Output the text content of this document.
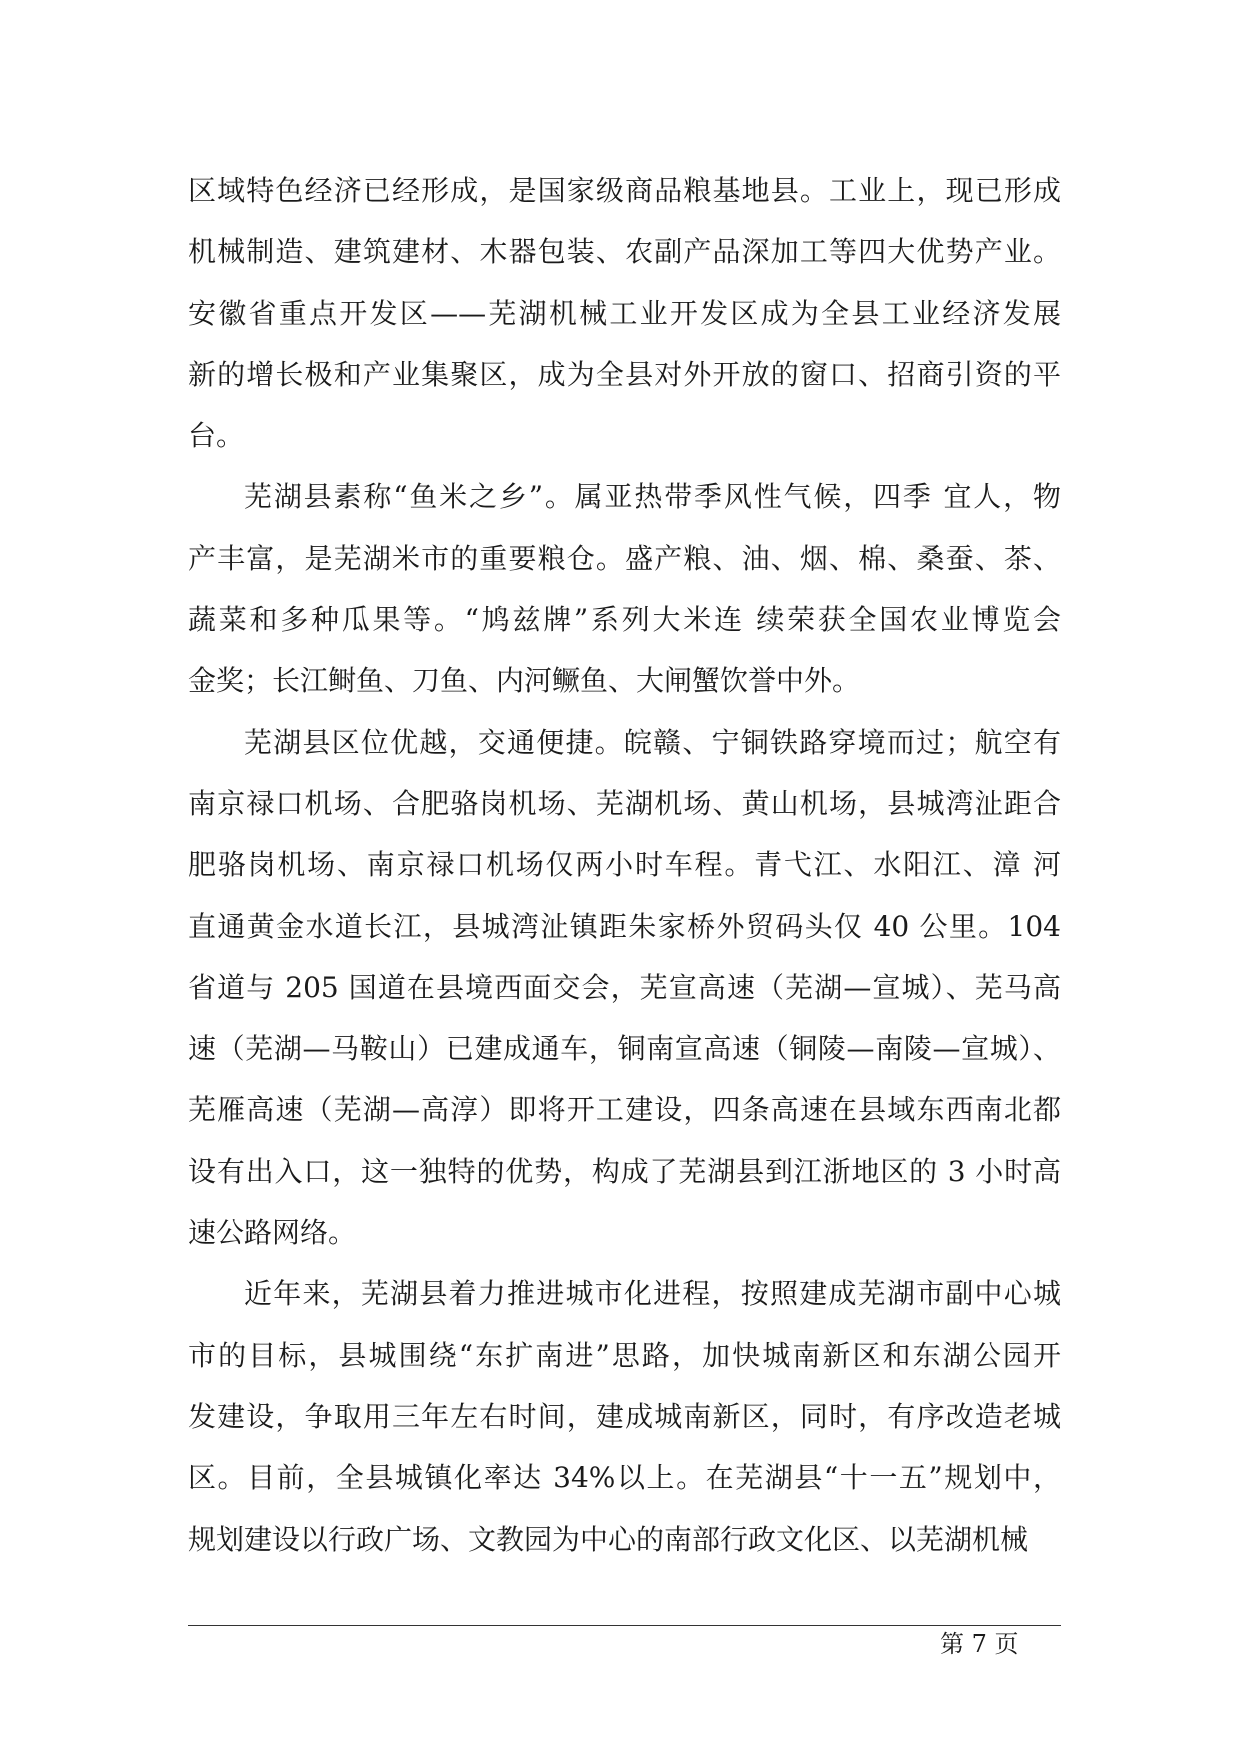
区域特色经济已经形成，是国家级商品粮基地县。工业上，现已形成
机械制造、建筑建材、木器包装、农副产品深加工等四大优势产业。
安徽省重点开发区——芜湖机械工业开发区成为全县工业经济发展
新的增长极和产业集聚区，成为全县对外开放的窗口、招商引资的平
台。
芜湖县素称“鱼米之乡”。属亚热带季风性气候，四季 宜人，物
产丰富，是芜湖米市的重要粮仓。盛产粮、油、烟、棉、桑蚕、茶、
蔬菜和多种瓜果等。“鸠兹牌”系列大米连 续荣获全国农业博览会
金奖；长江鲥鱼、刀鱼、内河鳜鱼、大闸蟹饮誉中外。
芜湖县区位优越，交通便捷。皖赣、宁铜铁路穿境而过；航空有
南京禄口机场、合肥骆岗机场、芜湖机场、黄山机场，县城湾沚距合
肥骆岗机场、南京禄口机场仅两小时车程。青弋江、水阳江、漳 河
直通黄金水道长江，县城湾沚镇距朱家桥外贸码头仅 40 公里。104
省道与 205 国道在县境西面交会，芜宣高速（芜湖—宣城）、芜马高
速（芜湖—马鞍山）已建成通车，铜南宣高速（铜陵—南陵—宣城）、
芜雁高速（芜湖—高淳）即将开工建设，四条高速在县域东西南北都
设有出入口，这一独特的优势，构成了芜湖县到江浙地区的 3 小时高
速公路网络。
近年来，芜湖县着力推进城市化进程，按照建成芜湖市副中心城
市的目标，县城围绕“东扩南进”思路，加快城南新区和东湖公园开
发建设，争取用三年左右时间，建成城南新区，同时，有序改造老城
区。目前，全县城镇化率达 34%以上。在芜湖县“十一五”规划中，
规划建设以行政广场、文教园为中心的南部行政文化区、以芜湖机械
第 7 页
